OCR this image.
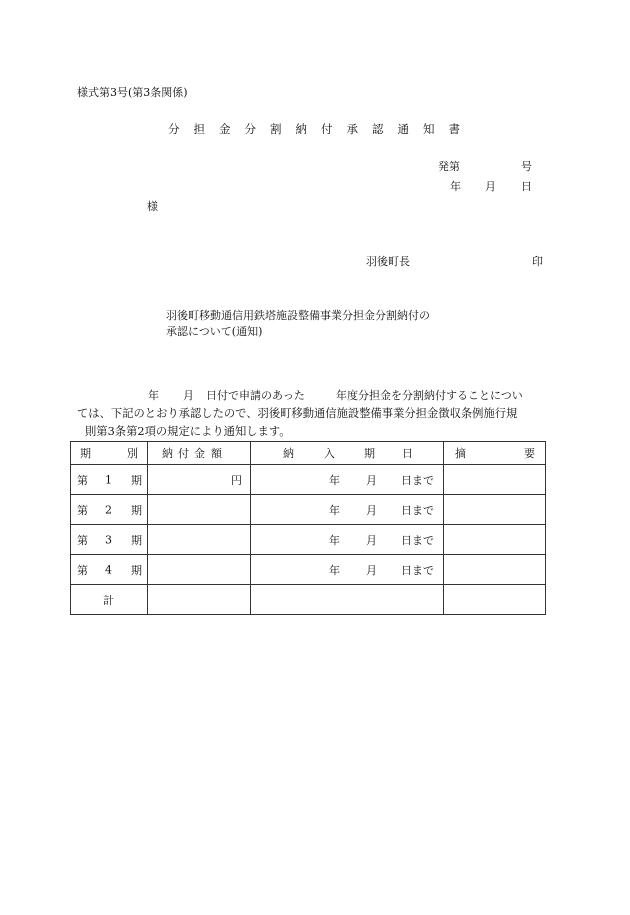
様式第3号(第3条関係)
分 担 金 分 割 納 付 承 認 通 知 書
発第	号
年 月 日
様
羽後町長	印
羽後町移動通信用鉄塔施設整備事業分担金分割納付の
承認について(通知)
年 月 日付で申請のあった	年度分担金を分割納付することについ
ては、下記のとおり承認したので、羽後町移動通信施設整備事業分担金徴収条例施行規
則第3条第2項の規定により通知します。
期 別	納 付 金 額	納 入 期 日	摘 要

第 1 期	円	年 月 日まで	

第 2 期		年 月 日まで	

第 3 期		年 月 日まで	

第 4 期		年 月 日まで	

計			
